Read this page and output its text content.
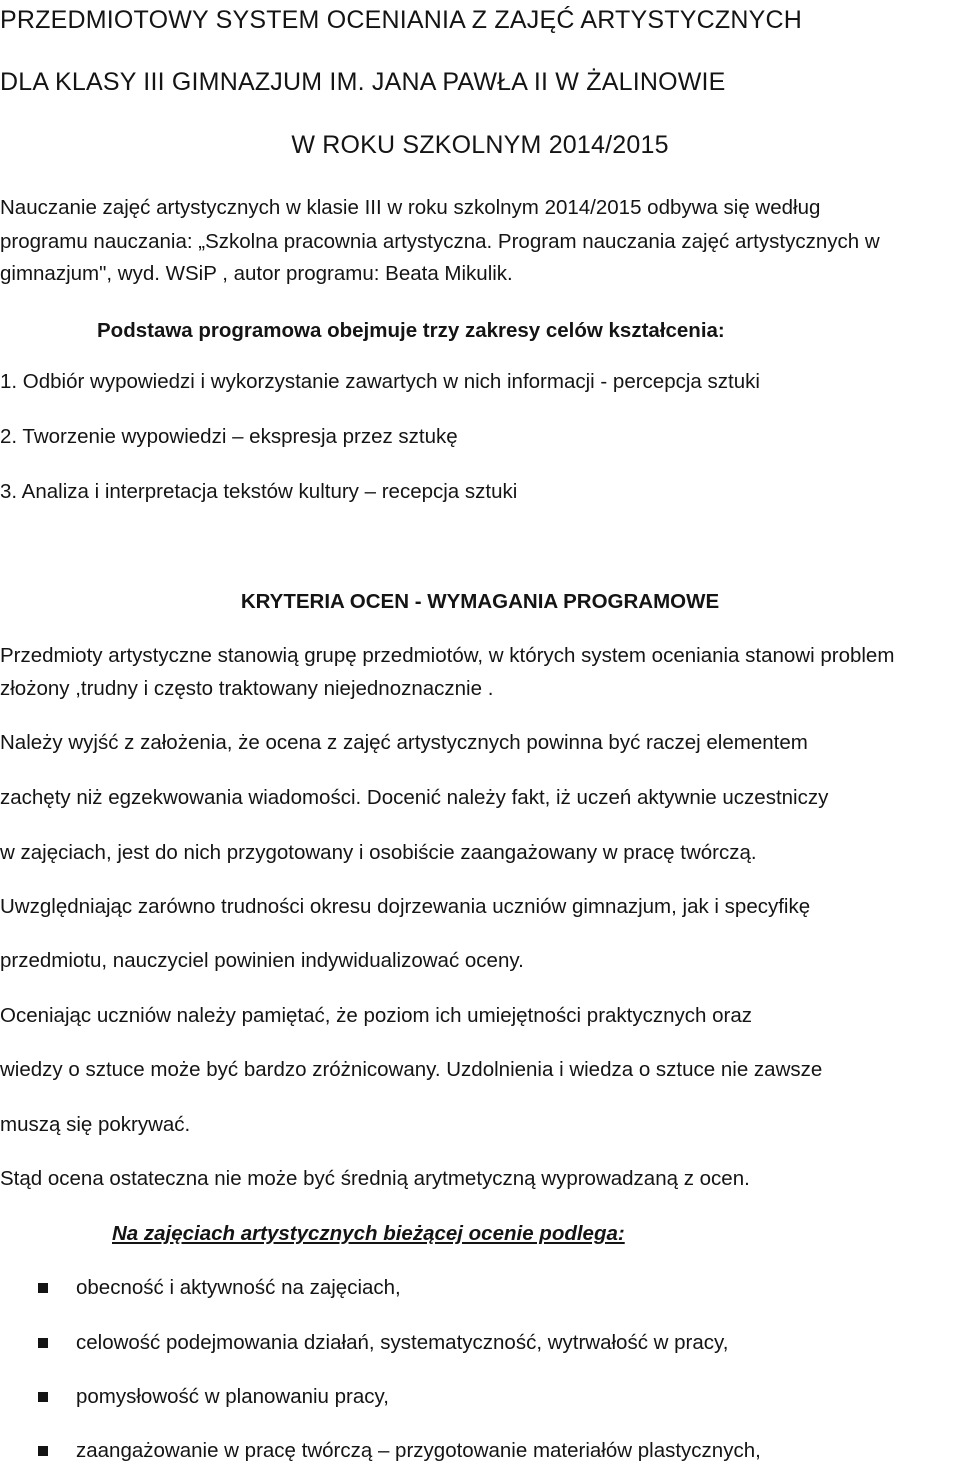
PRZEDMIOTOWY SYSTEM OCENIANIA Z ZAJĘĆ ARTYSTYCZNYCH
DLA KLASY III GIMNAZJUM IM. JANA PAWŁA II W ŻALINOWIE
W ROKU SZKOLNYM 2014/2015
Nauczanie zajęć artystycznych w klasie III w roku szkolnym 2014/2015 odbywa się według
programu nauczania: „Szkolna pracownia artystyczna. Program nauczania zajęć artystycznych w
gimnazjum", wyd. WSiP , autor programu: Beata Mikulik.
Podstawa programowa obejmuje trzy zakresy celów kształcenia:
1. Odbiór wypowiedzi i wykorzystanie zawartych w nich informacji - percepcja sztuki
2. Tworzenie wypowiedzi – ekspresja przez sztukę
3. Analiza i interpretacja tekstów kultury – recepcja sztuki
KRYTERIA OCEN - WYMAGANIA PROGRAMOWE
Przedmioty artystyczne stanowią grupę przedmiotów, w których system oceniania stanowi problem
złożony ,trudny i często traktowany niejednoznacznie .
Należy wyjść z założenia, że ocena z zajęć artystycznych powinna być raczej elementem
zachęty niż egzekwowania wiadomości. Docenić należy fakt, iż uczeń aktywnie uczestniczy
w zajęciach, jest do nich przygotowany i osobiście zaangażowany w pracę twórczą.
Uwzględniając zarówno trudności okresu dojrzewania uczniów gimnazjum, jak i specyfikę
przedmiotu, nauczyciel powinien indywidualizować oceny.
Oceniając uczniów należy pamiętać, że poziom ich umiejętności praktycznych oraz
wiedzy o sztuce może być bardzo zróżnicowany. Uzdolnienia i wiedza o sztuce nie zawsze
muszą się pokrywać.
Stąd ocena ostateczna nie może być średnią arytmetyczną wyprowadzaną z ocen.
Na zajęciach artystycznych bieżącej ocenie podlega:
obecność i aktywność na zajęciach,
celowość podejmowania działań, systematyczność, wytrwałość w pracy,
pomysłowość w planowaniu pracy,
zaangażowanie w pracę twórczą – przygotowanie materiałów plastycznych,
